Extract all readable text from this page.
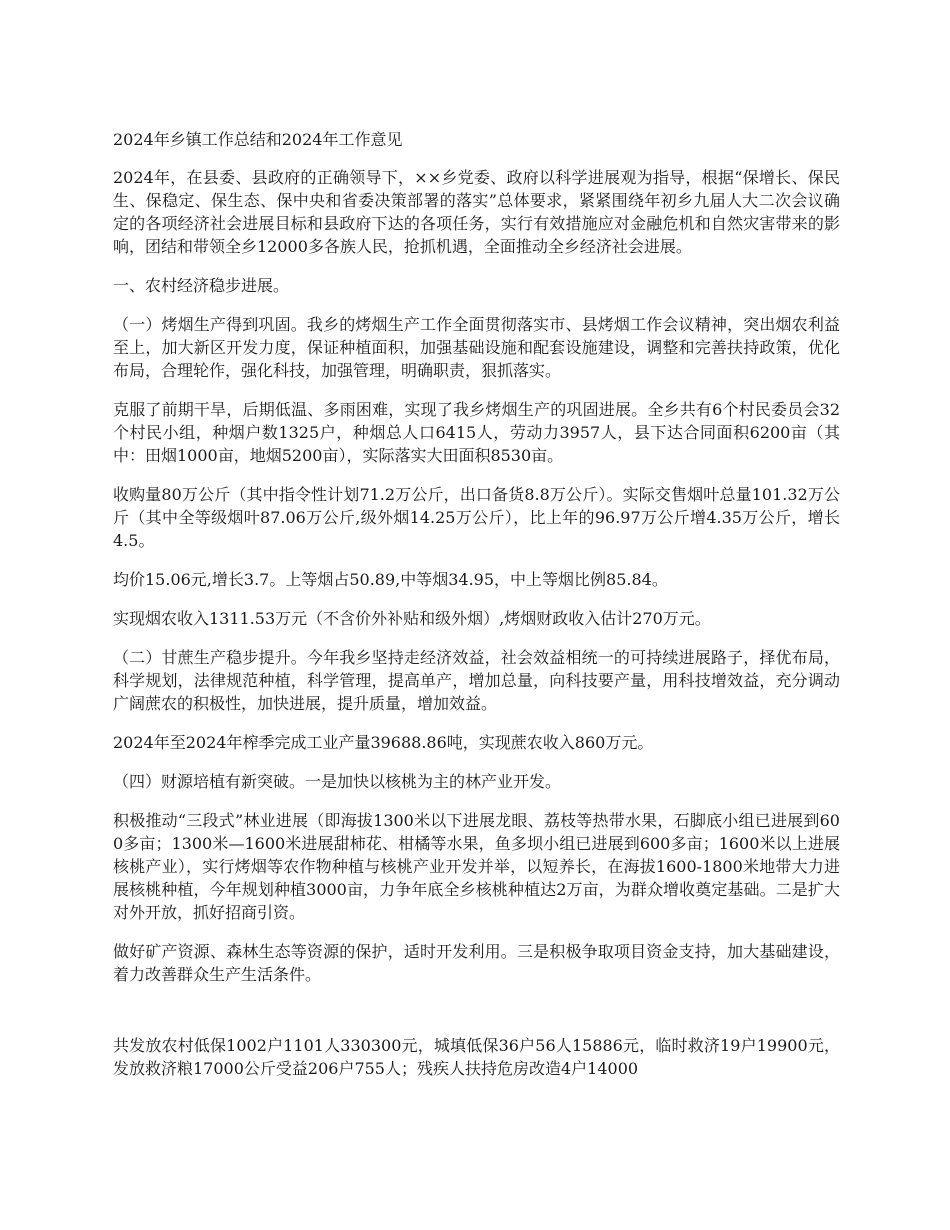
2024年乡镇工作总结和2024年工作意见

2024年，在县委、县政府的正确领导下，××乡党委、政府以科学进展观为指导，根据“保增长、保民生、保稳定、保生态、保中央和省委决策部署的落实”总体要求，紧紧围绕年初乡九届人大二次会议确定的各项经济社会进展目标和县政府下达的各项任务，实行有效措施应对金融危机和自然灾害带来的影响，团结和带领全乡12000多各族人民，抢抓机遇，全面推动全乡经济社会进展。

一、农村经济稳步进展。

（一）烤烟生产得到巩固。我乡的烤烟生产工作全面贯彻落实市、县烤烟工作会议精神，突出烟农利益至上，加大新区开发力度，保证种植面积，加强基础设施和配套设施建设，调整和完善扶持政策，优化布局，合理轮作，强化科技，加强管理，明确职责，狠抓落实。

克服了前期干旱，后期低温、多雨困难，实现了我乡烤烟生产的巩固进展。全乡共有6个村民委员会32个村民小组，种烟户数1325户，种烟总人口6415人，劳动力3957人，县下达合同面积6200亩（其中：田烟1000亩，地烟5200亩），实际落实大田面积8530亩。

收购量80万公斤（其中指令性计划71.2万公斤，出口备货8.8万公斤）。实际交售烟叶总量101.32万公斤（其中全等级烟叶87.06万公斤,级外烟14.25万公斤），比上年的96.97万公斤增4.35万公斤，增长4.5。

均价15.06元,增长3.7。上等烟占50.89,中等烟34.95，中上等烟比例85.84。

实现烟农收入1311.53万元（不含价外补贴和级外烟）,烤烟财政收入估计270万元。

（二）甘蔗生产稳步提升。今年我乡坚持走经济效益，社会效益相统一的可持续进展路子，择优布局，科学规划，法律规范种植，科学管理，提高单产，增加总量，向科技要产量，用科技增效益，充分调动广阔蔗农的积极性，加快进展，提升质量，增加效益。

2024年至2024年榨季完成工业产量39688.86吨，实现蔗农收入860万元。

（四）财源培植有新突破。一是加快以核桃为主的林产业开发。

积极推动“三段式”林业进展（即海拔1300米以下进展龙眼、荔枝等热带水果，石脚底小组已进展到600多亩；1300米—1600米进展甜柿花、柑橘等水果，鱼多坝小组已进展到600多亩；1600米以上进展核桃产业），实行烤烟等农作物种植与核桃产业开发并举，以短养长，在海拔1600-1800米地带大力进展核桃种植，今年规划种植3000亩，力争年底全乡核桃种植达2万亩，为群众增收奠定基础。二是扩大对外开放，抓好招商引资。

做好矿产资源、森林生态等资源的保护，适时开发利用。三是积极争取项目资金支持，加大基础建设，着力改善群众生产生活条件。

共发放农村低保1002户1101人330300元，城填低保36户56人15886元，临时救济19户19900元，发放救济粮17000公斤受益206户755人；残疾人扶持危房改造4户14000
